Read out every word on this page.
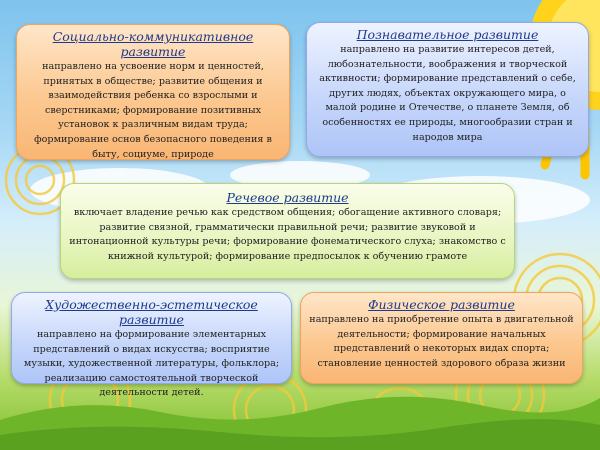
Социально-коммуникативное развитие
направлено на усвоение норм и ценностей, принятых в обществе; развитие общения и взаимодействия ребенка со взрослыми и сверстниками; формирование позитивных установок к различным видам труда; формирование основ безопасного поведения в быту, социуме, природе
Познавательное развитие
направлено на развитие интересов детей, любознательности, воображения и творческой активности; формирование представлений о себе, других людях, объектах окружающего мира, о малой родине и Отечестве, о планете Земля, об особенностях ее природы, многообразии стран и народов мира
Речевое развитие
включает владение речью как средством общения; обогащение активного словаря; развитие связной, грамматически правильной речи; развитие звуковой и интонационной культуры речи; формирование фонематического слуха; знакомство с книжной культурой; формирование предпосылок к обучению грамоте
Художественно-эстетическое развитие
направлено на формирование элементарных представлений о видах искусства; восприятие музыки, художественной литературы, фольклора; реализацию самостоятельной творческой деятельности детей.
Физическое развитие
направлено на приобретение опыта в двигательной деятельности; формирование начальных представлений о некоторых видах спорта; становление ценностей здорового образа жизни
